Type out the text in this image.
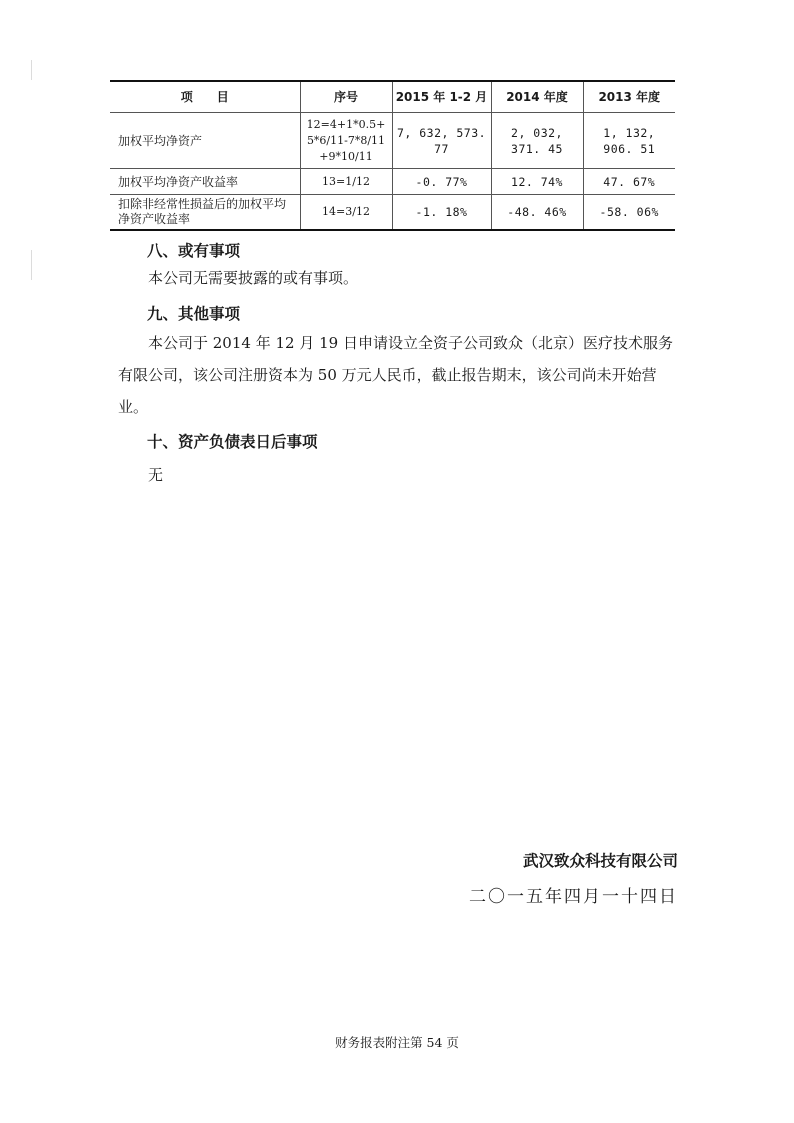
项　　目	序号	2015 年 1-2 月	2014 年度	2013 年度
加权平均净资产	12=4+1*0.5+5*6/11-7*8/11+9*10/11	7, 632, 573. 77	2, 032, 371. 45	1, 132, 906. 51
加权平均净资产收益率	13=1/12	-0. 77%	12. 74%	47. 67%
扣除非经常性损益后的加权平均净资产收益率	14=3/12	-1. 18%	-48. 46%	-58. 06%
八、或有事项
本公司无需要披露的或有事项。
九、其他事项
本公司于 2014 年 12 月 19 日申请设立全资子公司致众（北京）医疗技术服务有限公司，该公司注册资本为 50 万元人民币，截止报告期末，该公司尚未开始营业。
十、资产负债表日后事项
无
武汉致众科技有限公司
二〇一五年四月一十四日
财务报表附注第 54 页
